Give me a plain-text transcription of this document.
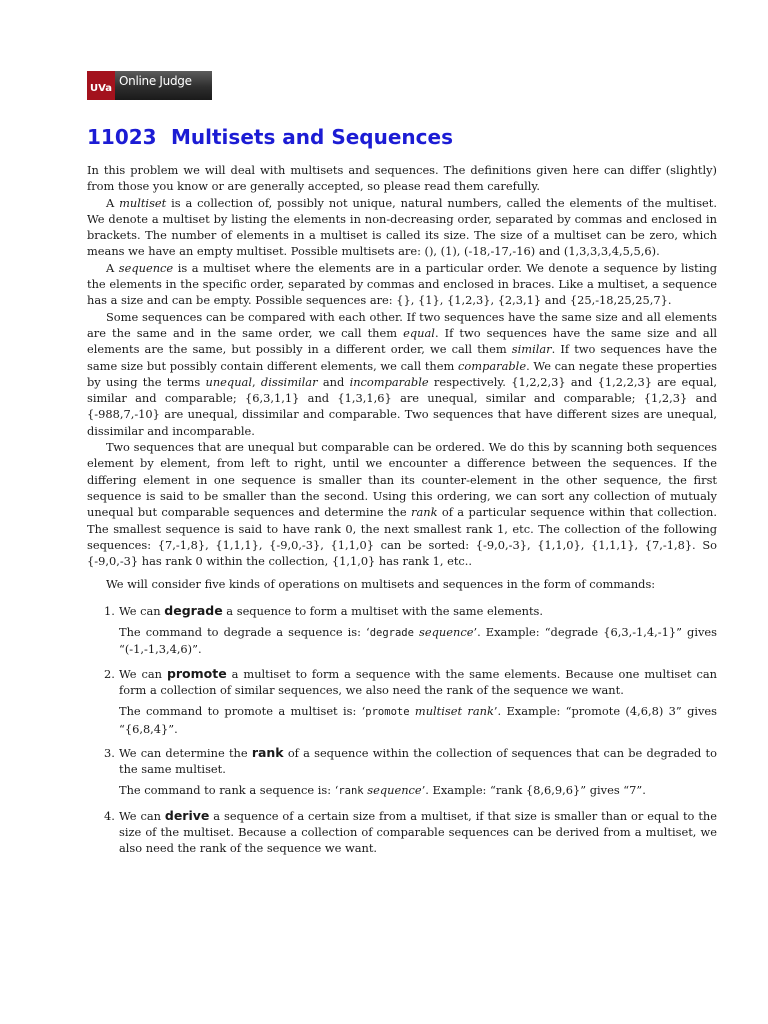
UVa
Online Judge
11023 Multisets and Sequences

In this problem we will deal with multisets and sequences. The definitions given here can differ (slightly) from those you know or are generally accepted, so please read them carefully.

A multiset is a collection of, possibly not unique, natural numbers, called the elements of the multiset. We denote a multiset by listing the elements in non-decreasing order, separated by commas and enclosed in brackets. The number of elements in a multiset is called its size. The size of a multiset can be zero, which means we have an empty multiset. Possible multisets are: (), (1), (-18,-17,-16) and (1,3,3,3,4,5,5,6).

A sequence is a multiset where the elements are in a particular order. We denote a sequence by listing the elements in the specific order, separated by commas and enclosed in braces. Like a multiset, a sequence has a size and can be empty. Possible sequences are: {}, {1}, {1,2,3}, {2,3,1} and {25,-18,25,25,7}.

Some sequences can be compared with each other. If two sequences have the same size and all elements are the same and in the same order, we call them equal. If two sequences have the same size and all elements are the same, but possibly in a different order, we call them similar. If two sequences have the same size but possibly contain different elements, we call them comparable. We can negate these properties by using the terms unequal, dissimilar and incomparable respectively. {1,2,2,3} and {1,2,2,3} are equal, similar and comparable; {6,3,1,1} and {1,3,1,6} are unequal, similar and comparable; {1,2,3} and {-988,7,-10} are unequal, dissimilar and comparable. Two sequences that have different sizes are unequal, dissimilar and incomparable.

Two sequences that are unequal but comparable can be ordered. We do this by scanning both sequences element by element, from left to right, until we encounter a difference between the sequences. If the differing element in one sequence is smaller than its counter-element in the other sequence, the first sequence is said to be smaller than the second. Using this ordering, we can sort any collection of mutualy unequal but comparable sequences and determine the rank of a particular sequence within that collection. The smallest sequence is said to have rank 0, the next smallest rank 1, etc. The collection of the following sequences: {7,-1,8}, {1,1,1}, {-9,0,-3}, {1,1,0} can be sorted: {-9,0,-3}, {1,1,0}, {1,1,1}, {7,-1,8}. So {-9,0,-3} has rank 0 within the collection, {1,1,0} has rank 1, etc..

We will consider five kinds of operations on multisets and sequences in the form of commands:

1. We can degrade a sequence to form a multiset with the same elements.

The command to degrade a sequence is: ‘degrade sequence’. Example: “degrade {6,3,-1,4,-1}” gives “(-1,-1,3,4,6)”.

2. We can promote a multiset to form a sequence with the same elements. Because one multiset can form a collection of similar sequences, we also need the rank of the sequence we want.

The command to promote a multiset is: ‘promote multiset rank’. Example: “promote (4,6,8) 3” gives “{6,8,4}”.

3. We can determine the rank of a sequence within the collection of sequences that can be degraded to the same multiset.

The command to rank a sequence is: ‘rank sequence’. Example: “rank {8,6,9,6}” gives “7”.

4. We can derive a sequence of a certain size from a multiset, if that size is smaller than or equal to the size of the multiset. Because a collection of comparable sequences can be derived from a multiset, we also need the rank of the sequence we want.
